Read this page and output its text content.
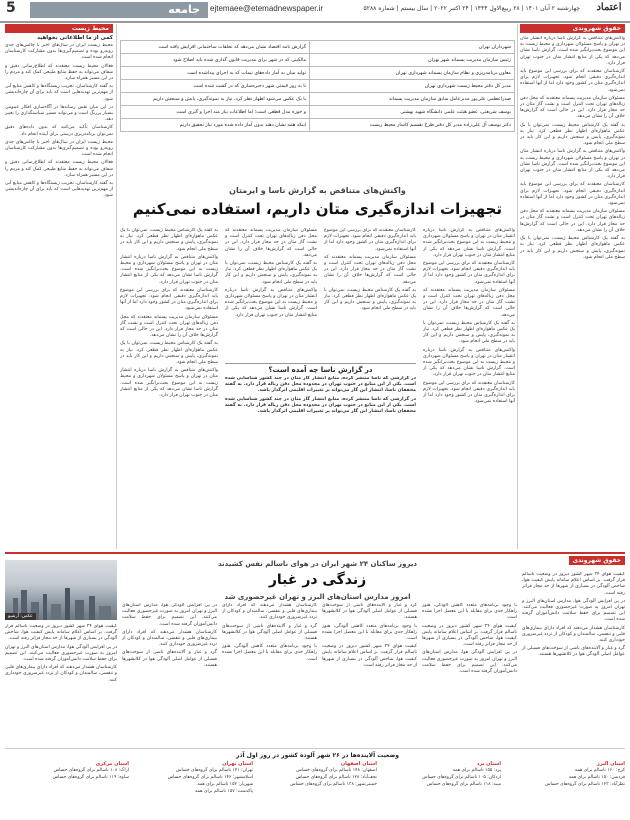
5	جامعه	ejtemaee@etemadnewspaper.ir	چهارشنبه ۲ آبان ۱۴۰۱ | ۲۸ ربیع‌الاول ۱۴۴۴ | ۲۴ اکتبر ۲۰۲۲ | سال بیستم | شماره ۵۲۸۸	اعتماد
محیط زیست
کمی از ما اطلاعاتی بخواهید

محیط زیست ایران در سال‌های اخیر با چالش‌های جدی روبه‌رو بوده و تصمیم‌گیری‌ها بدون مشارکت کارشناسان انجام شده است.

فعالان محیط زیست معتقدند که اطلاع‌رسانی دقیق و شفاف می‌تواند به حفظ منابع طبیعی کمک کند و مردم را در این مسیر همراه سازد.

به گفته کارشناسان، تخریب زیستگاه‌ها و کاهش منابع آبی از مهم‌ترین تهدیدهایی است که باید برای آن چاره‌اندیشی شود.

در این میان نقش رسانه‌ها در آگاه‌سازی افکار عمومی بسیار پررنگ است و می‌تواند مسیر سیاستگذاری را تغییر دهد.

کارشناسان تأکید می‌کنند که بدون داده‌های دقیق نمی‌توان برنامه‌ریزی درستی برای آینده انجام داد.

محیط زیست ایران در سال‌های اخیر با چالش‌های جدی روبه‌رو بوده و تصمیم‌گیری‌ها بدون مشارکت کارشناسان انجام شده است.

فعالان محیط زیست معتقدند که اطلاع‌رسانی دقیق و شفاف می‌تواند به حفظ منابع طبیعی کمک کند و مردم را در این مسیر همراه سازد.

به گفته کارشناسان، تخریب زیستگاه‌ها و کاهش منابع آبی از مهم‌ترین تهدیدهایی است که باید برای آن چاره‌اندیشی شود.

حقوق شهروندی

واکنش‌های متناقض به گزارش ناسا درباره انتشار متان در تهران و پاسخ مسئولان شهرداری و محیط زیست به این موضوع بحث‌برانگیز شده است. گزارش ناسا نشان می‌دهد که یکی از منابع انتشار متان در جنوب تهران قرار دارد.

کارشناسان معتقدند که برای بررسی این موضوع باید اندازه‌گیری دقیقی انجام شود. تجهیزات لازم برای اندازه‌گیری متان در کشور وجود دارد اما از آنها استفاده نمی‌شود.

مسئولان سازمان مدیریت پسماند معتقدند که محل دفن زباله‌های تهران تحت کنترل است و نشت گاز متان در حد مجاز قرار دارد. این در حالی است که گزارش‌ها خلاف آن را نشان می‌دهد.

به گفته یک کارشناس محیط زیست، نمی‌توان با یک عکس ماهواره‌ای اظهار نظر قطعی کرد. نیاز به نمونه‌گیری، پایش و سنجش داریم و این کار باید در سطح ملی انجام شود.

واکنش‌های متناقض به گزارش ناسا درباره انتشار متان در تهران و پاسخ مسئولان شهرداری و محیط زیست به این موضوع بحث‌برانگیز شده است. گزارش ناسا نشان می‌دهد که یکی از منابع انتشار متان در جنوب تهران قرار دارد.

کارشناسان معتقدند که برای بررسی این موضوع باید اندازه‌گیری دقیقی انجام شود. تجهیزات لازم برای اندازه‌گیری متان در کشور وجود دارد اما از آنها استفاده نمی‌شود.

مسئولان سازمان مدیریت پسماند معتقدند که محل دفن زباله‌های تهران تحت کنترل است و نشت گاز متان در حد مجاز قرار دارد. این در حالی است که گزارش‌ها خلاف آن را نشان می‌دهد.

به گفته یک کارشناس محیط زیست، نمی‌توان با یک عکس ماهواره‌ای اظهار نظر قطعی کرد. نیاز به نمونه‌گیری، پایش و سنجش داریم و این کار باید در سطح ملی انجام شود.

شهرداران تهران	گزارش نامه اقتصاد نشان می‌دهد که تخلفات ساختمانی افزایش یافته است
رئیس سازمان مدیریت پسماند شهر تهران	مالکیتی که در شهر برای مدیریت قانون گذاری شده باید اصلاح شود
معاون برنامه‌ریزی و نظام سازمان پسماند شهرداری تهران	تولید میان به آمار داده‌های تیمات که به اجرای پیداشده است
مدیر کل دفتر محیط زیست شهرداری تهران	تا به روز قیمتی شهر ذخیره‌سازی که در گشت شده است
صدراعظمی علی‌پور مدیرعامل سابق سازمان مدیریت پسماند	با یک عکس می‌شود اظهار نظر کرد، نیاز به نمونه‌گیری، پایش و سنجش داریم
یوسف شریعتی، عضو هیئت علمی دانشگاه شهید بهشتی	و حوزه مدل قطعی است؛ اما اطلاعات نیاز مند اجرا و گیری است
دکتر یوسف آل علی‌زاده مدیر کل دفتر طرح تقسیم کاسار محیط زیست	اینکه همه نشان دهند بدون آمار داده شده مورد نیاز تحقیق داریم
واکنش‌های متناقض به گزارش ناسا و ایرمتان
تجهیزات اندازه‌گیری متان داریم، استفاده نمی‌کنیم

واکنش‌های متناقض به گزارش ناسا درباره انتشار متان در تهران و پاسخ مسئولان شهرداری و محیط زیست به این موضوع بحث‌برانگیز شده است. گزارش ناسا نشان می‌دهد که یکی از منابع انتشار متان در جنوب تهران قرار دارد.

کارشناسان معتقدند که برای بررسی این موضوع باید اندازه‌گیری دقیقی انجام شود. تجهیزات لازم برای اندازه‌گیری متان در کشور وجود دارد اما از آنها استفاده نمی‌شود.

مسئولان سازمان مدیریت پسماند معتقدند که محل دفن زباله‌های تهران تحت کنترل است و نشت گاز متان در حد مجاز قرار دارد. این در حالی است که گزارش‌ها خلاف آن را نشان می‌دهد.

به گفته یک کارشناس محیط زیست، نمی‌توان با یک عکس ماهواره‌ای اظهار نظر قطعی کرد. نیاز به نمونه‌گیری، پایش و سنجش داریم و این کار باید در سطح ملی انجام شود.

واکنش‌های متناقض به گزارش ناسا درباره انتشار متان در تهران و پاسخ مسئولان شهرداری و محیط زیست به این موضوع بحث‌برانگیز شده است. گزارش ناسا نشان می‌دهد که یکی از منابع انتشار متان در جنوب تهران قرار دارد.

کارشناسان معتقدند که برای بررسی این موضوع باید اندازه‌گیری دقیقی انجام شود. تجهیزات لازم برای اندازه‌گیری متان در کشور وجود دارد اما از آنها استفاده نمی‌شود.

کارشناسان معتقدند که برای بررسی این موضوع باید اندازه‌گیری دقیقی انجام شود. تجهیزات لازم برای اندازه‌گیری متان در کشور وجود دارد اما از آنها استفاده نمی‌شود.

مسئولان سازمان مدیریت پسماند معتقدند که محل دفن زباله‌های تهران تحت کنترل است و نشت گاز متان در حد مجاز قرار دارد. این در حالی است که گزارش‌ها خلاف آن را نشان می‌دهد.

به گفته یک کارشناس محیط زیست، نمی‌توان با یک عکس ماهواره‌ای اظهار نظر قطعی کرد. نیاز به نمونه‌گیری، پایش و سنجش داریم و این کار باید در سطح ملی انجام شود.

مسئولان سازمان مدیریت پسماند معتقدند که محل دفن زباله‌های تهران تحت کنترل است و نشت گاز متان در حد مجاز قرار دارد. این در حالی است که گزارش‌ها خلاف آن را نشان می‌دهد.

به گفته یک کارشناس محیط زیست، نمی‌توان با یک عکس ماهواره‌ای اظهار نظر قطعی کرد. نیاز به نمونه‌گیری، پایش و سنجش داریم و این کار باید در سطح ملی انجام شود.

واکنش‌های متناقض به گزارش ناسا درباره انتشار متان در تهران و پاسخ مسئولان شهرداری و محیط زیست به این موضوع بحث‌برانگیز شده است. گزارش ناسا نشان می‌دهد که یکی از منابع انتشار متان در جنوب تهران قرار دارد.

به گفته یک کارشناس محیط زیست، نمی‌توان با یک عکس ماهواره‌ای اظهار نظر قطعی کرد. نیاز به نمونه‌گیری، پایش و سنجش داریم و این کار باید در سطح ملی انجام شود.

واکنش‌های متناقض به گزارش ناسا درباره انتشار متان در تهران و پاسخ مسئولان شهرداری و محیط زیست به این موضوع بحث‌برانگیز شده است. گزارش ناسا نشان می‌دهد که یکی از منابع انتشار متان در جنوب تهران قرار دارد.

کارشناسان معتقدند که برای بررسی این موضوع باید اندازه‌گیری دقیقی انجام شود. تجهیزات لازم برای اندازه‌گیری متان در کشور وجود دارد اما از آنها استفاده نمی‌شود.

مسئولان سازمان مدیریت پسماند معتقدند که محل دفن زباله‌های تهران تحت کنترل است و نشت گاز متان در حد مجاز قرار دارد. این در حالی است که گزارش‌ها خلاف آن را نشان می‌دهد.

به گفته یک کارشناس محیط زیست، نمی‌توان با یک عکس ماهواره‌ای اظهار نظر قطعی کرد. نیاز به نمونه‌گیری، پایش و سنجش داریم و این کار باید در سطح ملی انجام شود.

واکنش‌های متناقض به گزارش ناسا درباره انتشار متان در تهران و پاسخ مسئولان شهرداری و محیط زیست به این موضوع بحث‌برانگیز شده است. گزارش ناسا نشان می‌دهد که یکی از منابع انتشار متان در جنوب تهران قرار دارد.

در گزارش ناسا چه آمده است؟

در گزارشی که ناسا منتشر کرده، منابع انتشار گاز متان در چند کشور شناسایی شده است. یکی از این منابع در جنوب تهران در محدوده محل دفن زباله قرار دارد. به گفته محققان ناسا، انتشار این گاز می‌تواند بر تغییرات اقلیمی اثرگذار باشد.

در گزارشی که ناسا منتشر کرده، منابع انتشار گاز متان در چند کشور شناسایی شده است. یکی از این منابع در جنوب تهران در محدوده محل دفن زباله قرار دارد. به گفته محققان ناسا، انتشار این گاز می‌تواند بر تغییرات اقلیمی اثرگذار باشد.

حقوق شهروندی
دیروز ساکنان ۲۴ شهر ایران در هوای ناسالم نفس کشیدند
زندگی در غبار
امروز مدارس استان‌های البرز و تهران غیرحضوری شد
عکس: آرشیو

کیفیت هوای ۲۴ شهر کشور دیروز در وضعیت ناسالم قرار گرفت. بر اساس اعلام سامانه پایش کیفیت هوا، شاخص آلودگی در بسیاری از شهرها از حد مجاز فراتر رفته است.

در پی افزایش آلودگی هوا، مدارس استان‌های البرز و تهران امروز به صورت غیرحضوری فعالیت می‌کنند. این تصمیم برای حفظ سلامت دانش‌آموزان گرفته شده است.

کارشناسان هشدار می‌دهند که افراد دارای بیماری‌های قلبی و تنفسی، سالمندان و کودکان از تردد غیرضروری خودداری کنند.

در پی افزایش آلودگی هوا، مدارس استان‌های البرز و تهران امروز به صورت غیرحضوری فعالیت می‌کنند. این تصمیم برای حفظ سلامت دانش‌آموزان گرفته شده است.

کارشناسان هشدار می‌دهند که افراد دارای بیماری‌های قلبی و تنفسی، سالمندان و کودکان از تردد غیرضروری خودداری کنند.

گرد و غبار و آلاینده‌های ناشی از سوخت‌های فسیلی از عوامل اصلی آلودگی هوا در کلانشهرها هستند.

کارشناسان هشدار می‌دهند که افراد دارای بیماری‌های قلبی و تنفسی، سالمندان و کودکان از تردد غیرضروری خودداری کنند.

گرد و غبار و آلاینده‌های ناشی از سوخت‌های فسیلی از عوامل اصلی آلودگی هوا در کلانشهرها هستند.

با وجود برنامه‌های متعدد کاهش آلودگی، هنوز راهکار جدی برای مقابله با این معضل اجرا نشده است.

گرد و غبار و آلاینده‌های ناشی از سوخت‌های فسیلی از عوامل اصلی آلودگی هوا در کلانشهرها هستند.

با وجود برنامه‌های متعدد کاهش آلودگی، هنوز راهکار جدی برای مقابله با این معضل اجرا نشده است.

کیفیت هوای ۲۴ شهر کشور دیروز در وضعیت ناسالم قرار گرفت. بر اساس اعلام سامانه پایش کیفیت هوا، شاخص آلودگی در بسیاری از شهرها از حد مجاز فراتر رفته است.

با وجود برنامه‌های متعدد کاهش آلودگی، هنوز راهکار جدی برای مقابله با این معضل اجرا نشده است.

کیفیت هوای ۲۴ شهر کشور دیروز در وضعیت ناسالم قرار گرفت. بر اساس اعلام سامانه پایش کیفیت هوا، شاخص آلودگی در بسیاری از شهرها از حد مجاز فراتر رفته است.

در پی افزایش آلودگی هوا، مدارس استان‌های البرز و تهران امروز به صورت غیرحضوری فعالیت می‌کنند. این تصمیم برای حفظ سلامت دانش‌آموزان گرفته شده است.

کیفیت هوای ۲۴ شهر کشور دیروز در وضعیت ناسالم قرار گرفت. بر اساس اعلام سامانه پایش کیفیت هوا، شاخص آلودگی در بسیاری از شهرها از حد مجاز فراتر رفته است.

در پی افزایش آلودگی هوا، مدارس استان‌های البرز و تهران امروز به صورت غیرحضوری فعالیت می‌کنند. این تصمیم برای حفظ سلامت دانش‌آموزان گرفته شده است.

کارشناسان هشدار می‌دهند که افراد دارای بیماری‌های قلبی و تنفسی، سالمندان و کودکان از تردد غیرضروری خودداری کنند.

گرد و غبار و آلاینده‌های ناشی از سوخت‌های فسیلی از عوامل اصلی آلودگی هوا در کلانشهرها هستند.

وضعیت آلاینده‌ها در ۲۶ شهر آلوده کشور در روز اول آذر
استان البرز
کرج: ۱۶۰ ناسالم برای همه
فردیس: ۱۵۰ ناسالم برای همه
نظرآباد: ۱۲۳ ناسالم برای گروه‌های حساس
استان یزد
یزد: ۱۵۵ ناسالم برای همه
اردکان: ۱۰۵ ناسالم برای گروه‌های حساس
میبد: ۱۱۸ ناسالم برای گروه‌های حساس
استان اصفهان
اصفهان: ۱۴۸ ناسالم برای گروه‌های حساس
نجف‌آباد: ۱۲۸ ناسالم برای گروه‌های حساس
خمینی‌شهر: ۱۳۸ ناسالم برای گروه‌های حساس
استان تهران
تهران: ۱۴۱ ناسالم برای گروه‌های حساس
اسلامشهر: ۱۴۶ ناسالم برای گروه‌های حساس
شهریار: ۱۵۲ ناسالم برای همه
پاکدشت: ۱۵۷ ناسالم برای همه
استان مرکزی
اراک: ۱۰۸ ناسالم برای گروه‌های حساس
ساوه: ۱۱۹ ناسالم برای گروه‌های حساس
